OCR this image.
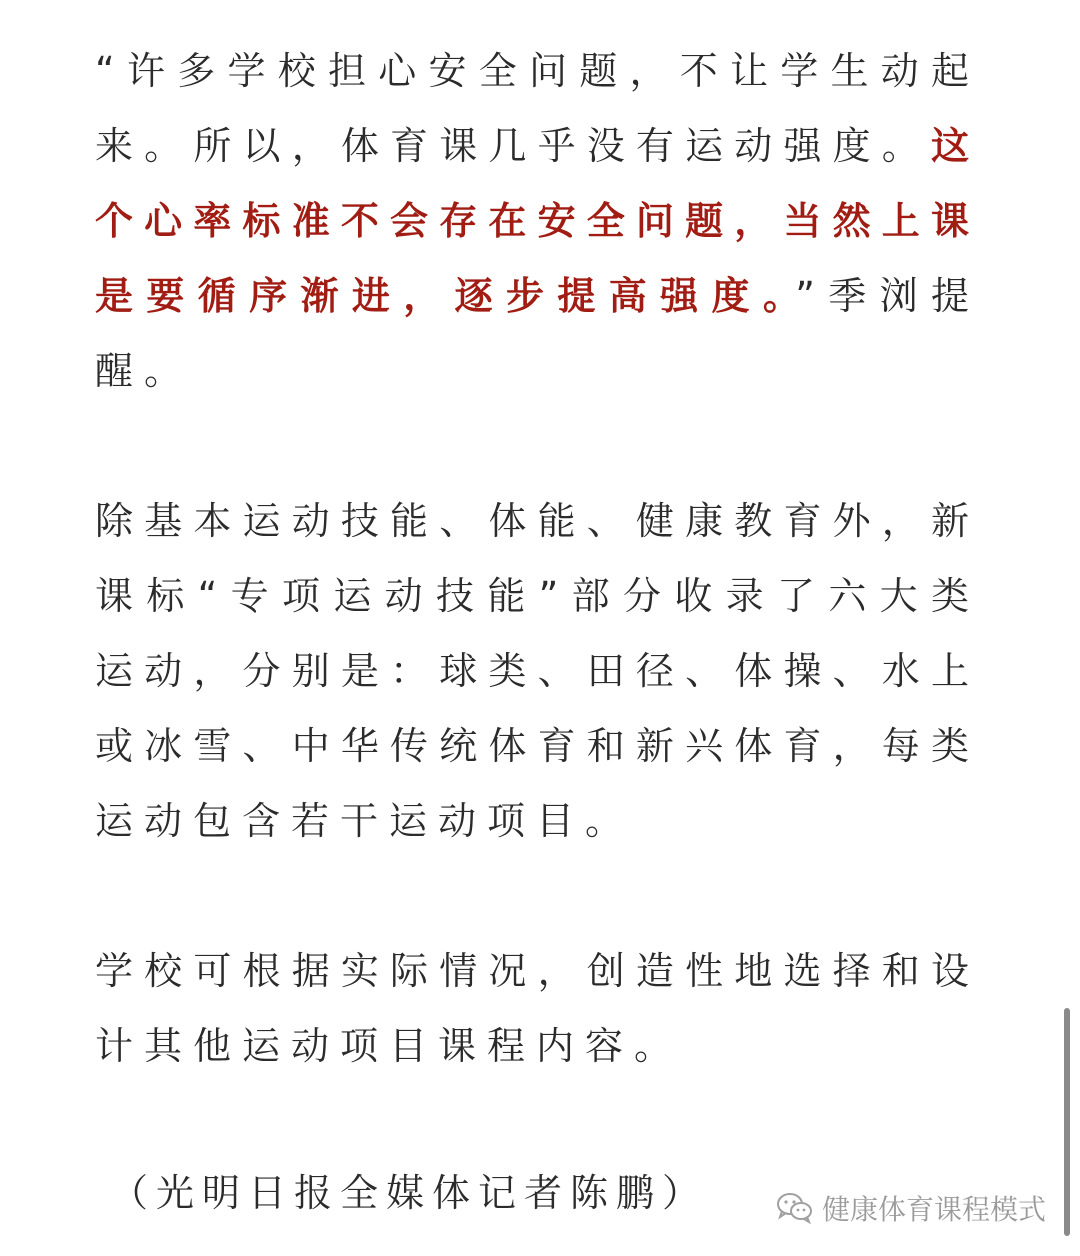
“许多学校担心安全问题，不让学生动起来。所以，体育课几乎没有运动强度。这个心率标准不会存在安全问题，当然上课是要循序渐进，逐步提高强度。”季浏提醒。

除基本运动技能、体能、健康教育外，新课标“专项运动技能”部分收录了六大类运动，分别是：球类、田径、体操、水上或冰雪、中华传统体育和新兴体育，每类运动包含若干运动项目。

学校可根据实际情况，创造性地选择和设计其他运动项目课程内容。

（光明日报全媒体记者陈鹏）	健康体育课程模式
